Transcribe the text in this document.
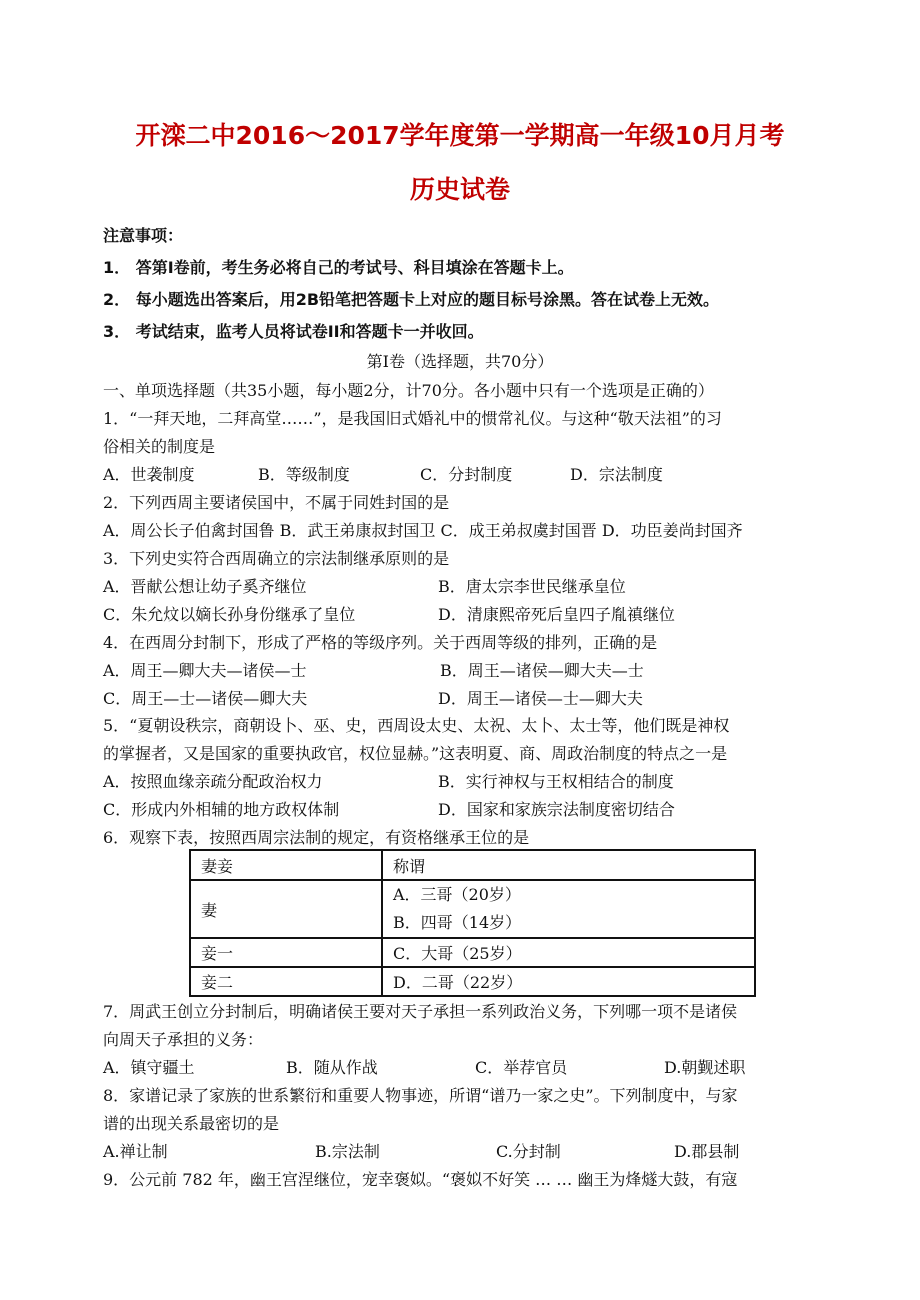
开滦二中2016～2017学年度第一学期高一年级10月月考
历史试卷
注意事项：
1． 答第Ⅰ卷前，考生务必将自己的考试号、科目填涂在答题卡上。
2． 每小题选出答案后，用2B铅笔把答题卡上对应的题目标号涂黑。答在试卷上无效。
3． 考试结束，监考人员将试卷II和答题卡一并收回。
第Ⅰ卷（选择题，共70分）
一、单项选择题（共35小题，每小题2分，计70分。各小题中只有一个选项是正确的）
1．“一拜天地，二拜高堂……”，是我国旧式婚礼中的惯常礼仪。与这种“敬天法祖”的习
俗相关的制度是
A．世袭制度	B．等级制度	C．分封制度	D．宗法制度
2．下列西周主要诸侯国中，不属于同姓封国的是
A．周公长子伯禽封国鲁 B．武王弟康叔封国卫 C．成王弟叔虞封国晋 D．功臣姜尚封国齐
3．下列史实符合西周确立的宗法制继承原则的是
A．晋献公想让幼子奚齐继位	B．唐太宗李世民继承皇位
C．朱允炆以嫡长孙身份继承了皇位	D．清康熙帝死后皇四子胤禛继位
4．在西周分封制下，形成了严格的等级序列。关于西周等级的排列，正确的是
A．周王—卿大夫—诸侯—士	B．周王—诸侯—卿大夫—士
C．周王—士—诸侯—卿大夫	D．周王—诸侯—士—卿大夫
5．“夏朝设秩宗，商朝设卜、巫、史，西周设太史、太祝、太卜、太士等，他们既是神权
的掌握者，又是国家的重要执政官，权位显赫。”这表明夏、商、周政治制度的特点之一是
A．按照血缘亲疏分配政治权力	B．实行神权与王权相结合的制度
C．形成内外相辅的地方政权体制	D．国家和家族宗法制度密切结合
6．观察下表，按照西周宗法制的规定，有资格继承王位的是
妻妾	称谓
妻	A．三哥（20岁）
B．四哥（14岁）

妾一	C．大哥（25岁）
妾二	D．二哥（22岁）
7．周武王创立分封制后，明确诸侯王要对天子承担一系列政治义务，下列哪一项不是诸侯
向周天子承担的义务：
A．镇守疆土	B．随从作战	C．举荐官员	D.朝觐述职
8．家谱记录了家族的世系繁衍和重要人物事迹，所谓“谱乃一家之史”。下列制度中，与家
谱的出现关系最密切的是
A.禅让制	B.宗法制	C.分封制	D.郡县制
9．公元前 782 年，幽王宫涅继位，宠幸褒姒。“褒姒不好笑 … … 幽王为烽燧大鼓，有寇
